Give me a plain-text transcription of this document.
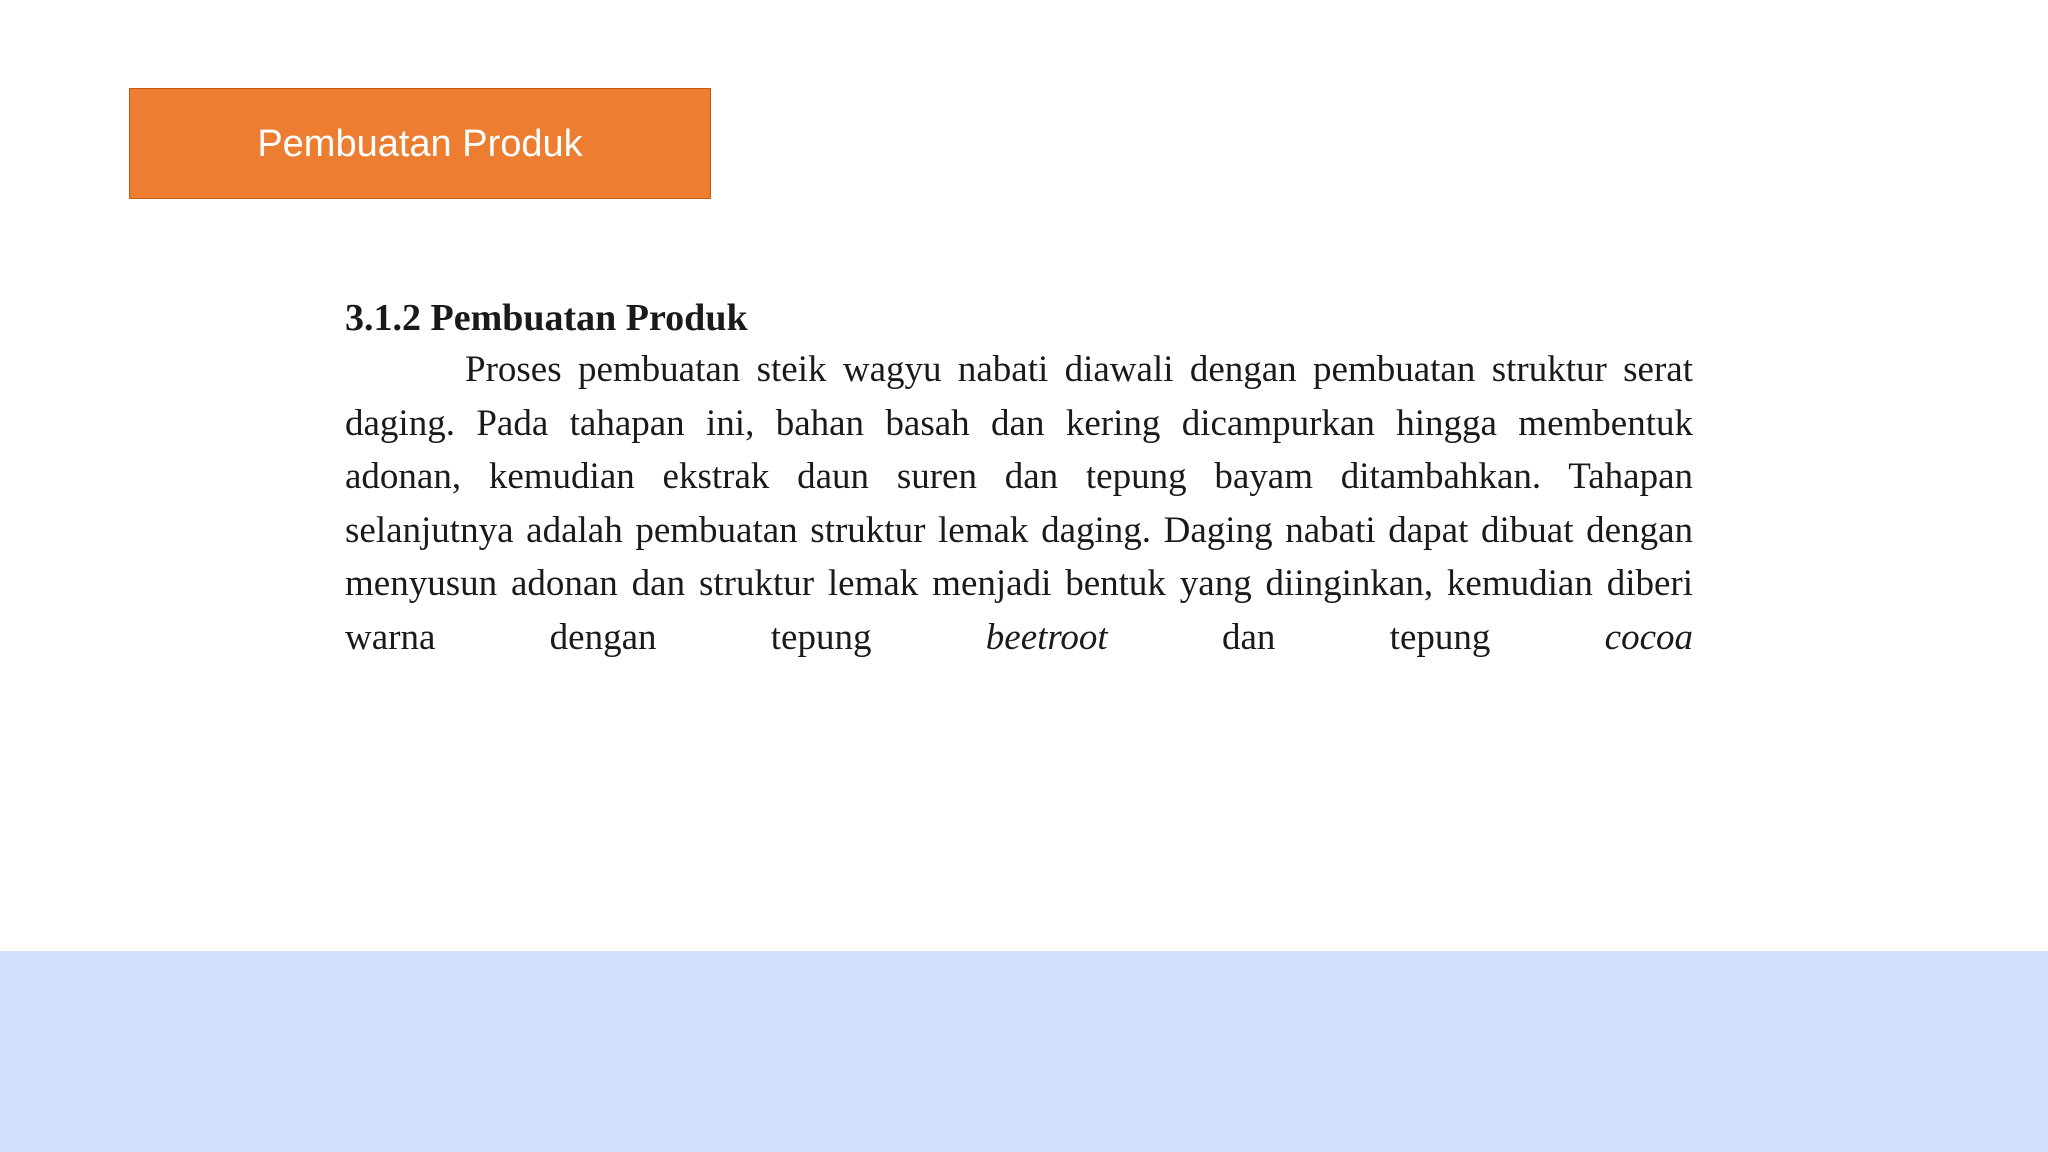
Pembuatan Produk

3.1.2 Pembuatan Produk

Proses pembuatan steik wagyu nabati diawali dengan pembuatan struktur serat daging. Pada tahapan ini, bahan basah dan kering dicampurkan hingga membentuk adonan, kemudian ekstrak daun suren dan tepung bayam ditambahkan. Tahapan selanjutnya adalah pembuatan struktur lemak daging. Daging nabati dapat dibuat dengan menyusun adonan dan struktur lemak menjadi bentuk yang diinginkan, kemudian diberi warna dengan tepung beetroot dan tepung cocoa
